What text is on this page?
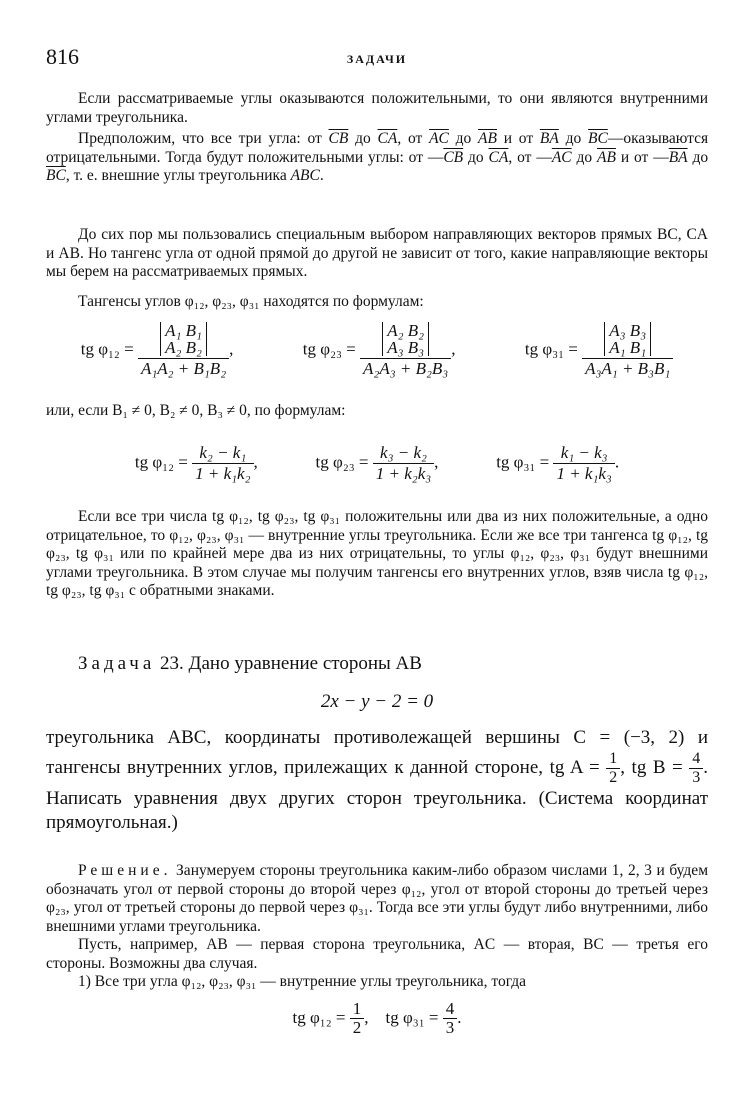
816	ЗАДАЧИ

Если рассматриваемые углы оказываются положительными, то они являются внутренними углами треугольника.

Предположим, что все три угла: от $\overline{CB}$ до $\overline{CA}$, от $\overline{AC}$ до $\overline{AB}$ и от $\overline{BA}$ до $\overline{BC}—оказываются$ отрицательными. Тогда будут положительными углы: от $—\overline{CB}$ до $\overline{CA}$, от $—\overline{AC}$ до $\overline{AB}$ и от $—\overline{BA}$ до $\overline{BC}$, т. е. внешние углы треугольника ABC.

До сих пор мы пользовались специальным выбором направляющих векторов прямых BC, CA и AB. Но тангенс угла от одной прямой до другой не зависит от того, какие направляющие векторы мы берем на рассматриваемых прямых.

Тангенсы углов φ₁₂, φ₂₃, φ₃₁ находятся по формулам:

tg φ₁₂ =
A₁ B₁
A₂ B₂
A₁A₂ + B₁B₂
,	tg φ₂₃ =
A₂ B₂
A₃ B₃
A₂A₃ + B₂B₃
,	tg φ₃₁ =
A₃ B₃
A₁ B₁
A₃A₁ + B₃B₁

или, если B₁ ≠ 0, B₂ ≠ 0, B₃ ≠ 0, по формулам:

tg $\varphi_{12} = \frac{\text{k₂ − k₁}}{\text{1 + k₁k₂}}$ ,	tg $\varphi_{23} = \frac{\text{k₃ − k₂}}{\text{1 + k₂k₃}}$ ,	tg $\varphi_{31} = \frac{\text{k₁ − k₃}}{\text{1 + k₁k₃}}$ .

Если все три числа tg φ₁₂, tg φ₂₃, tg φ₃₁ положительны или два из них положительные, а одно отрицательное, то φ₁₂, φ₂₃, φ₃₁ — внутренние углы треугольника. Если же все три тангенса tg φ₁₂, tg φ₂₃, tg φ₃₁ или по крайней мере два из них отрицательны, то углы φ₁₂, φ₂₃, φ₃₁ будут внешними углами треугольника. В этом случае мы получим тангенсы его внутренних углов, взяв числа tg φ₁₂, tg φ₂₃, tg φ₃₁ с обратными знаками.

Задача 23. Дано уравнение стороны AB

2x − y − 2 = 0

треугольника ABC, координаты противолежащей вершины C = (−3, 2) и тангенсы внутренних углов, прилежащих к данной стороне, tg $A = \frac{1}{2}$ , tg $B = \frac{4}{3}$ . Написать уравнения двух других сторон треугольника. (Система координат прямоугольная.)

Решение. Занумеруем стороны треугольника каким-либо образом числами 1, 2, 3 и будем обозначать угол от первой стороны до второй через φ₁₂, угол от второй стороны до третьей через φ₂₃, угол от третьей стороны до первой через φ₃₁. Тогда все эти углы будут либо внутренними, либо внешними углами треугольника.

Пусть, например, AB — первая сторона треугольника, AC — вторая, BC — третья его стороны. Возможны два случая.

1) Все три угла φ₁₂, φ₂₃, φ₃₁ — внутренние углы треугольника, тогда

tg $\varphi_{12} = \frac{1}{2}$ , tg $\varphi_{31} = \frac{4}{3}$ .
